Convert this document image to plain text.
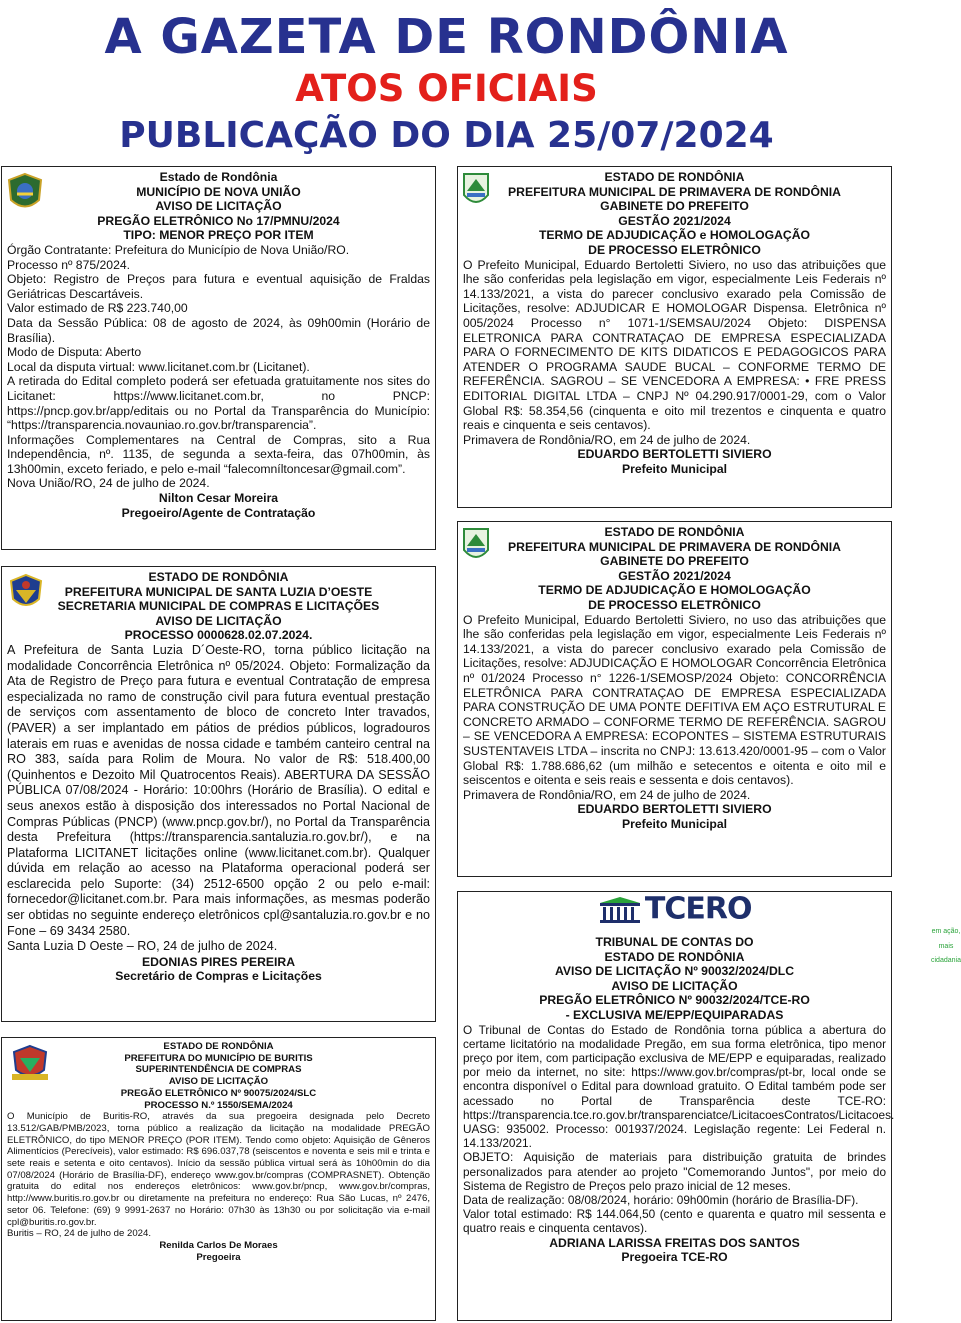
A GAZETA DE RONDÔNIA
ATOS OFICIAIS
PUBLICAÇÃO DO DIA 25/07/2024
Estado de Rondônia
MUNICÍPIO DE NOVA UNIÃO
AVISO DE LICITAÇÃO
PREGÃO ELETRÔNICO No 17/PMNU/2024
TIPO: MENOR PREÇO POR ITEM

Órgão Contratante: Prefeitura do Município de Nova União/RO.

Processo nº 875/2024.

Objeto: Registro de Preços para futura e eventual aquisição de Fraldas Geriátricas Descartáveis.

Valor estimado de R$ 223.740,00

Data da Sessão Pública: 08 de agosto de 2024, às 09h00min (Horário de Brasília).

Modo de Disputa: Aberto

Local da disputa virtual: www.licitanet.com.br (Licitanet).

A retirada do Edital completo poderá ser efetuada gratuitamente nos sites do Licitanet: https://www.licitanet.com.br, no PNCP: https://pncp.gov.br/app/editais ou no Portal da Transparência do Município: “https://transparencia.novauniao.ro.gov.br/transparencia”.

Informações Complementares na Central de Compras, sito a Rua Independência, nº. 1135, de segunda a sexta-feira, das 07h00min, às 13h00min, exceto feriado, e pelo e-mail “falecomníltoncesar@gmail.com”.

Nova União/RO, 24 de julho de 2024.

Nilton Cesar Moreira
Pregoeiro/Agente de Contratação
ESTADO DE RONDÔNIA
PREFEITURA MUNICIPAL DE SANTA LUZIA D’OESTE
SECRETARIA MUNICIPAL DE COMPRAS E LICITAÇÕES
AVISO DE LICITAÇÃO
PROCESSO 0000628.02.07.2024.

A Prefeitura de Santa Luzia D´Oeste-RO, torna público licitação na modalidade Concorrência Eletrônica nº 05/2024. Objeto: Formalização da Ata de Registro de Preço para futura e eventual Contratação de empresa especializada no ramo de construção civil para futura eventual prestação de serviços com assentamento de bloco de concreto Inter travados, (PAVER) a ser implantado em pátios de prédios públicos, logradouros laterais em ruas e avenidas de nossa cidade e também canteiro central na RO 383, saída para Rolim de Moura. No valor de R$: 518.400,00 (Quinhentos e Dezoito Mil Quatrocentos Reais). ABERTURA DA SESSÃO PÚBLICA 07/08/2024 - Horário: 10:00hrs (Horário de Brasília). O edital e seus anexos estão à disposição dos interessados no Portal Nacional de Compras Públicas (PNCP) (www.pncp.gov.br/), no Portal da Transparência desta Prefeitura (https://transparencia.santaluzia.ro.gov.br/), e na Plataforma LICITANET licitações online (www.licitanet.com.br). Qualquer dúvida em relação ao acesso na Plataforma operacional poderá ser esclarecida pelo Suporte: (34) 2512-6500 opção 2 ou pelo e-mail: fornecedor@licitanet.com.br. Para mais informações, as mesmas poderão ser obtidas no seguinte endereço eletrônicos cpl@santaluzia.ro.gov.br e no Fone – 69 3434 2580.

Santa Luzia D Oeste – RO, 24 de julho de 2024.

EDONIAS PIRES PEREIRA
Secretário de Compras e Licitações
ESTADO DE RONDÔNIA
PREFEITURA DO MUNICÍPIO DE BURITIS
SUPERINTENDÊNCIA DE COMPRAS
AVISO DE LICITAÇÃO
PREGÃO ELETRÔNICO Nº 90075/2024/SLC
PROCESSO N.º 1550/SEMA/2024

O Município de Buritis-RO, através da sua pregoeira designada pelo Decreto 13.512/GAB/PMB/2023, torna público a realização da licitação na modalidade PREGÃO ELETRÔNICO, do tipo MENOR PREÇO (POR ITEM). Tendo como objeto: Aquisição de Gêneros Alimentícios (Perecíveis), valor estimado: R$ 696.037,78 (seiscentos e noventa e seis mil e trinta e sete reais e setenta e oito centavos). Início da sessão pública virtual será às 10h00min do dia 07/08/2024 (Horário de Brasília-DF), endereço www.gov.br/compras (COMPRASNET). Obtenção gratuita do edital nos endereços eletrônicos: www.gov.br/pncp, www.gov.br/compras, http://www.buritis.ro.gov.br ou diretamente na prefeitura no endereço: Rua São Lucas, nº 2476, setor 06. Telefone: (69) 9 9991-2637 no Horário: 07h30 às 13h30 ou por solicitação via e-mail cpl@buritis.ro.gov.br.

Buritis – RO, 24 de julho de 2024.

Renilda Carlos De Moraes
Pregoeira
ESTADO DE RONDÔNIA
PREFEITURA MUNICIPAL DE PRIMAVERA DE RONDÔNIA
GABINETE DO PREFEITO
GESTÃO 2021/2024
TERMO DE ADJUDICAÇÃO e HOMOLOGAÇÃO
DE PROCESSO ELETRÔNICO

O Prefeito Municipal, Eduardo Bertoletti Siviero, no uso das atribuições que lhe são conferidas pela legislação em vigor, especialmente Leis Federais nº 14.133/2021, a vista do parecer conclusivo exarado pela Comissão de Licitações, resolve: ADJUDICAR E HOMOLOGAR Dispensa. Eletrônica nº 005/2024 Processo n° 1071-1/SEMSAU/2024 Objeto: DISPENSA ELETRONICA PARA CONTRATAÇAO DE EMPRESA ESPECIALIZADA PARA O FORNECIMENTO DE KITS DIDATICOS E PEDAGOGICOS PARA ATENDER O PROGRAMA SAUDE BUCAL – CONFORME TERMO DE REFERÊNCIA. SAGROU – SE VENCEDORA A EMPRESA: • FRE PRESS EDITORIAL DIGITAL LTDA – CNPJ Nº 04.290.917/0001-29, com o Valor Global R$: 58.354,56 (cinquenta e oito mil trezentos e cinquenta e quatro reais e cinquenta e seis centavos).

Primavera de Rondônia/RO, em 24 de julho de 2024.

EDUARDO BERTOLETTI SIVIERO
Prefeito Municipal
ESTADO DE RONDÔNIA
PREFEITURA MUNICIPAL DE PRIMAVERA DE RONDÔNIA
GABINETE DO PREFEITO
GESTÃO 2021/2024
TERMO DE ADJUDICAÇÃO E HOMOLOGAÇÃO
DE PROCESSO ELETRÔNICO

O Prefeito Municipal, Eduardo Bertoletti Siviero, no uso das atribuições que lhe são conferidas pela legislação em vigor, especialmente Leis Federais nº 14.133/2021, a vista do parecer conclusivo exarado pela Comissão de Licitações, resolve: ADJUDICAÇÃO E HOMOLOGAR Concorrência Eletrônica nº 01/2024 Processo n° 1226-1/SEMOSP/2024 Objeto: CONCORRÊNCIA ELETRÔNICA PARA CONTRATAÇAO DE EMPRESA ESPECIALIZADA PARA CONSTRUÇÃO DE UMA PONTE DEFITIVA EM AÇO ESTRUTURAL E CONCRETO ARMADO – CONFORME TERMO DE REFERÊNCIA. SAGROU – SE VENCEDORA A EMPRESA: ECOPONTES – SISTEMA ESTRUTURAIS SUSTENTAVEIS LTDA – inscrita no CNPJ: 13.613.420/0001-95 – com o Valor Global R$: 1.788.686,62 (um milhão e setecentos e oitenta e oito mil e seiscentos e oitenta e seis reais e sessenta e dois centavos).

Primavera de Rondônia/RO, em 24 de julho de 2024.

EDUARDO BERTOLETTI SIVIERO
Prefeito Municipal
TCERO
em ação, mais cidadania
TRIBUNAL DE CONTAS DO
ESTADO DE RONDÔNIA
AVISO DE LICITAÇÃO Nº 90032/2024/DLC
AVISO DE LICITAÇÃO
PREGÃO ELETRÔNICO Nº 90032/2024/TCE-RO
- EXCLUSIVA ME/EPP/EQUIPARADAS

O Tribunal de Contas do Estado de Rondônia torna pública a abertura do certame licitatório na modalidade Pregão, em sua forma eletrônica, tipo menor preço por item, com participação exclusiva de ME/EPP e equiparadas, realizado por meio da internet, no site: https://www.gov.br/compras/pt-br, local onde se encontra disponível o Edital para download gratuito. O Edital também pode ser acessado no Portal de Transparência deste TCE-RO: https://transparencia.tce.ro.gov.br/transparenciatce/LicitacoesContratos/Licitacoes.

UASG: 935002. Processo: 001937/2024. Legislação regente: Lei Federal n. 14.133/2021.

OBJETO: Aquisição de materiais para distribuição gratuita de brindes personalizados para atender ao projeto "Comemorando Juntos", por meio do Sistema de Registro de Preços pelo prazo inicial de 12 meses.

Data de realização: 08/08/2024, horário: 09h00min (horário de Brasília-DF).

Valor total estimado: R$ 144.064,50 (cento e quarenta e quatro mil sessenta e quatro reais e cinquenta centavos).

ADRIANA LARISSA FREITAS DOS SANTOS
Pregoeira TCE-RO
